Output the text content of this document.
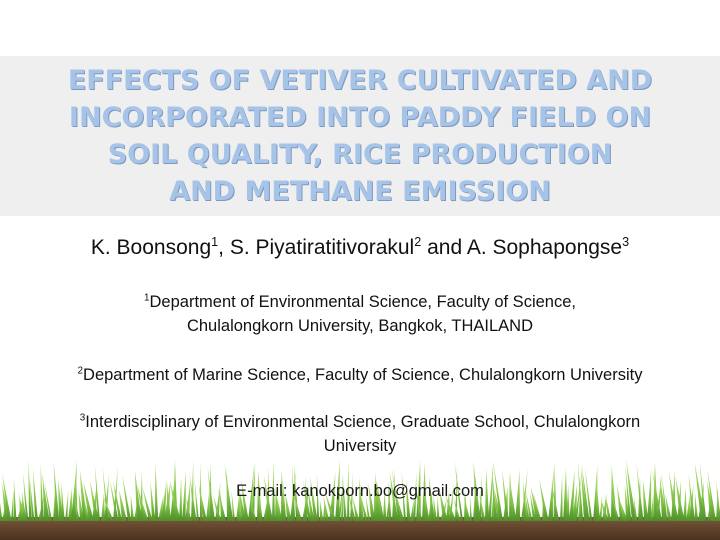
EFFECTS OF VETIVER CULTIVATED AND
INCORPORATED INTO PADDY FIELD ON
SOIL QUALITY, RICE PRODUCTION
AND METHANE EMISSION
K. Boonsong$^1$, S. Piyatiratitivorakul$^2$ and A. Sophapongse$^3$
$^1$Department of Environmental Science, Faculty of Science,
Chulalongkorn University, Bangkok, THAILAND
$^2$Department of Marine Science, Faculty of Science, Chulalongkorn University
$^3$Interdisciplinary of Environmental Science, Graduate School, Chulalongkorn
University
E-mail: kanokporn.bo@gmail.com
